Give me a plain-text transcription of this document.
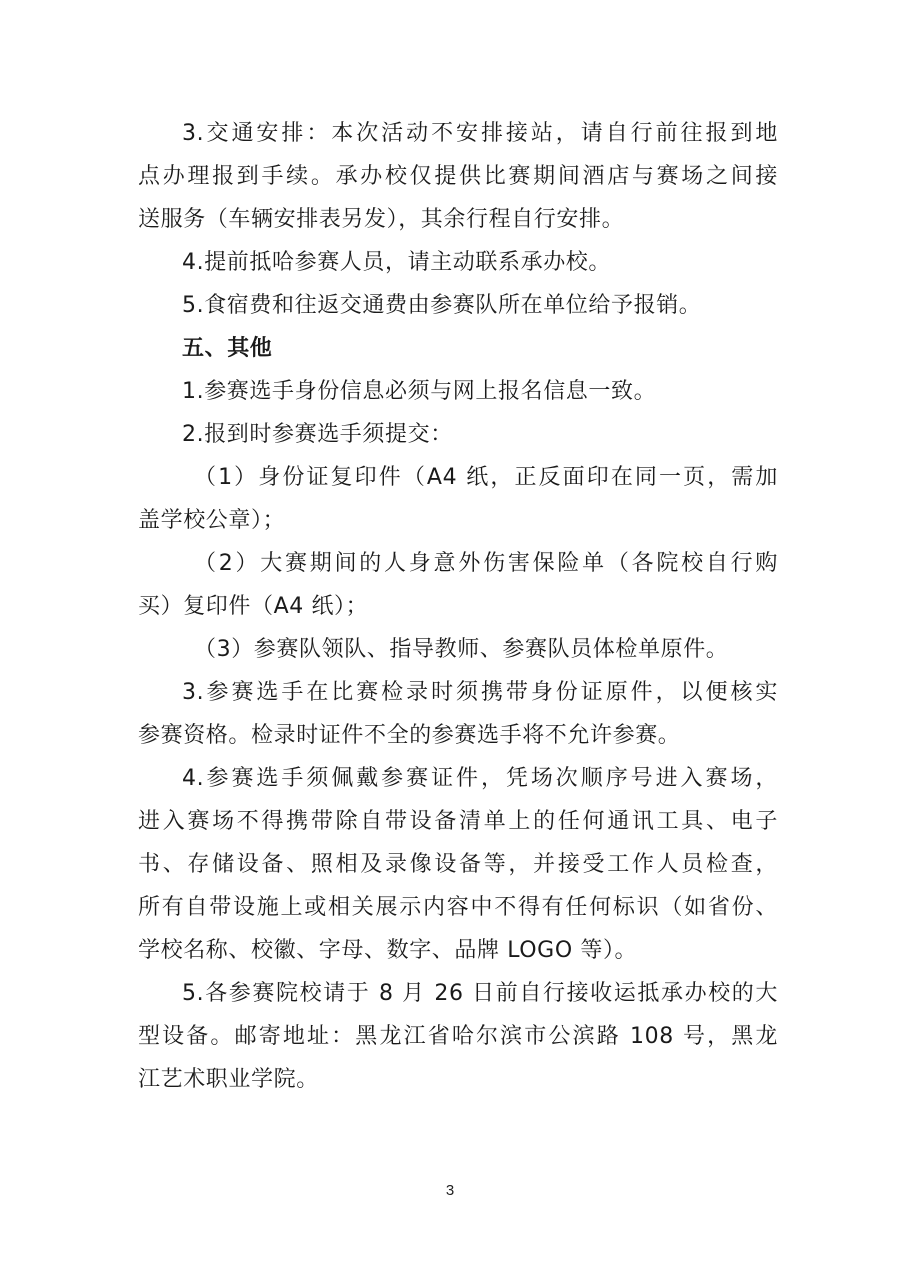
3.交通安排：本次活动不安排接站，请自行前往报到地
点办理报到手续。承办校仅提供比赛期间酒店与赛场之间接
送服务（车辆安排表另发），其余行程自行安排。
4.提前抵哈参赛人员，请主动联系承办校。
5.食宿费和往返交通费由参赛队所在单位给予报销。
五、其他
1.参赛选手身份信息必须与网上报名信息一致。
2.报到时参赛选手须提交：
（1）身份证复印件（A4 纸，正反面印在同一页，需加
盖学校公章）；
（2）大赛期间的人身意外伤害保险单（各院校自行购
买）复印件（A4 纸）；
（3）参赛队领队、指导教师、参赛队员体检单原件。
3.参赛选手在比赛检录时须携带身份证原件，以便核实
参赛资格。检录时证件不全的参赛选手将不允许参赛。
4.参赛选手须佩戴参赛证件，凭场次顺序号进入赛场，
进入赛场不得携带除自带设备清单上的任何通讯工具、电子
书、存储设备、照相及录像设备等，并接受工作人员检查，
所有自带设施上或相关展示内容中不得有任何标识（如省份、
学校名称、校徽、字母、数字、品牌 LOGO 等）。
5.各参赛院校请于 8 月 26 日前自行接收运抵承办校的大
型设备。邮寄地址：黑龙江省哈尔滨市公滨路 108 号，黑龙
江艺术职业学院。
3
